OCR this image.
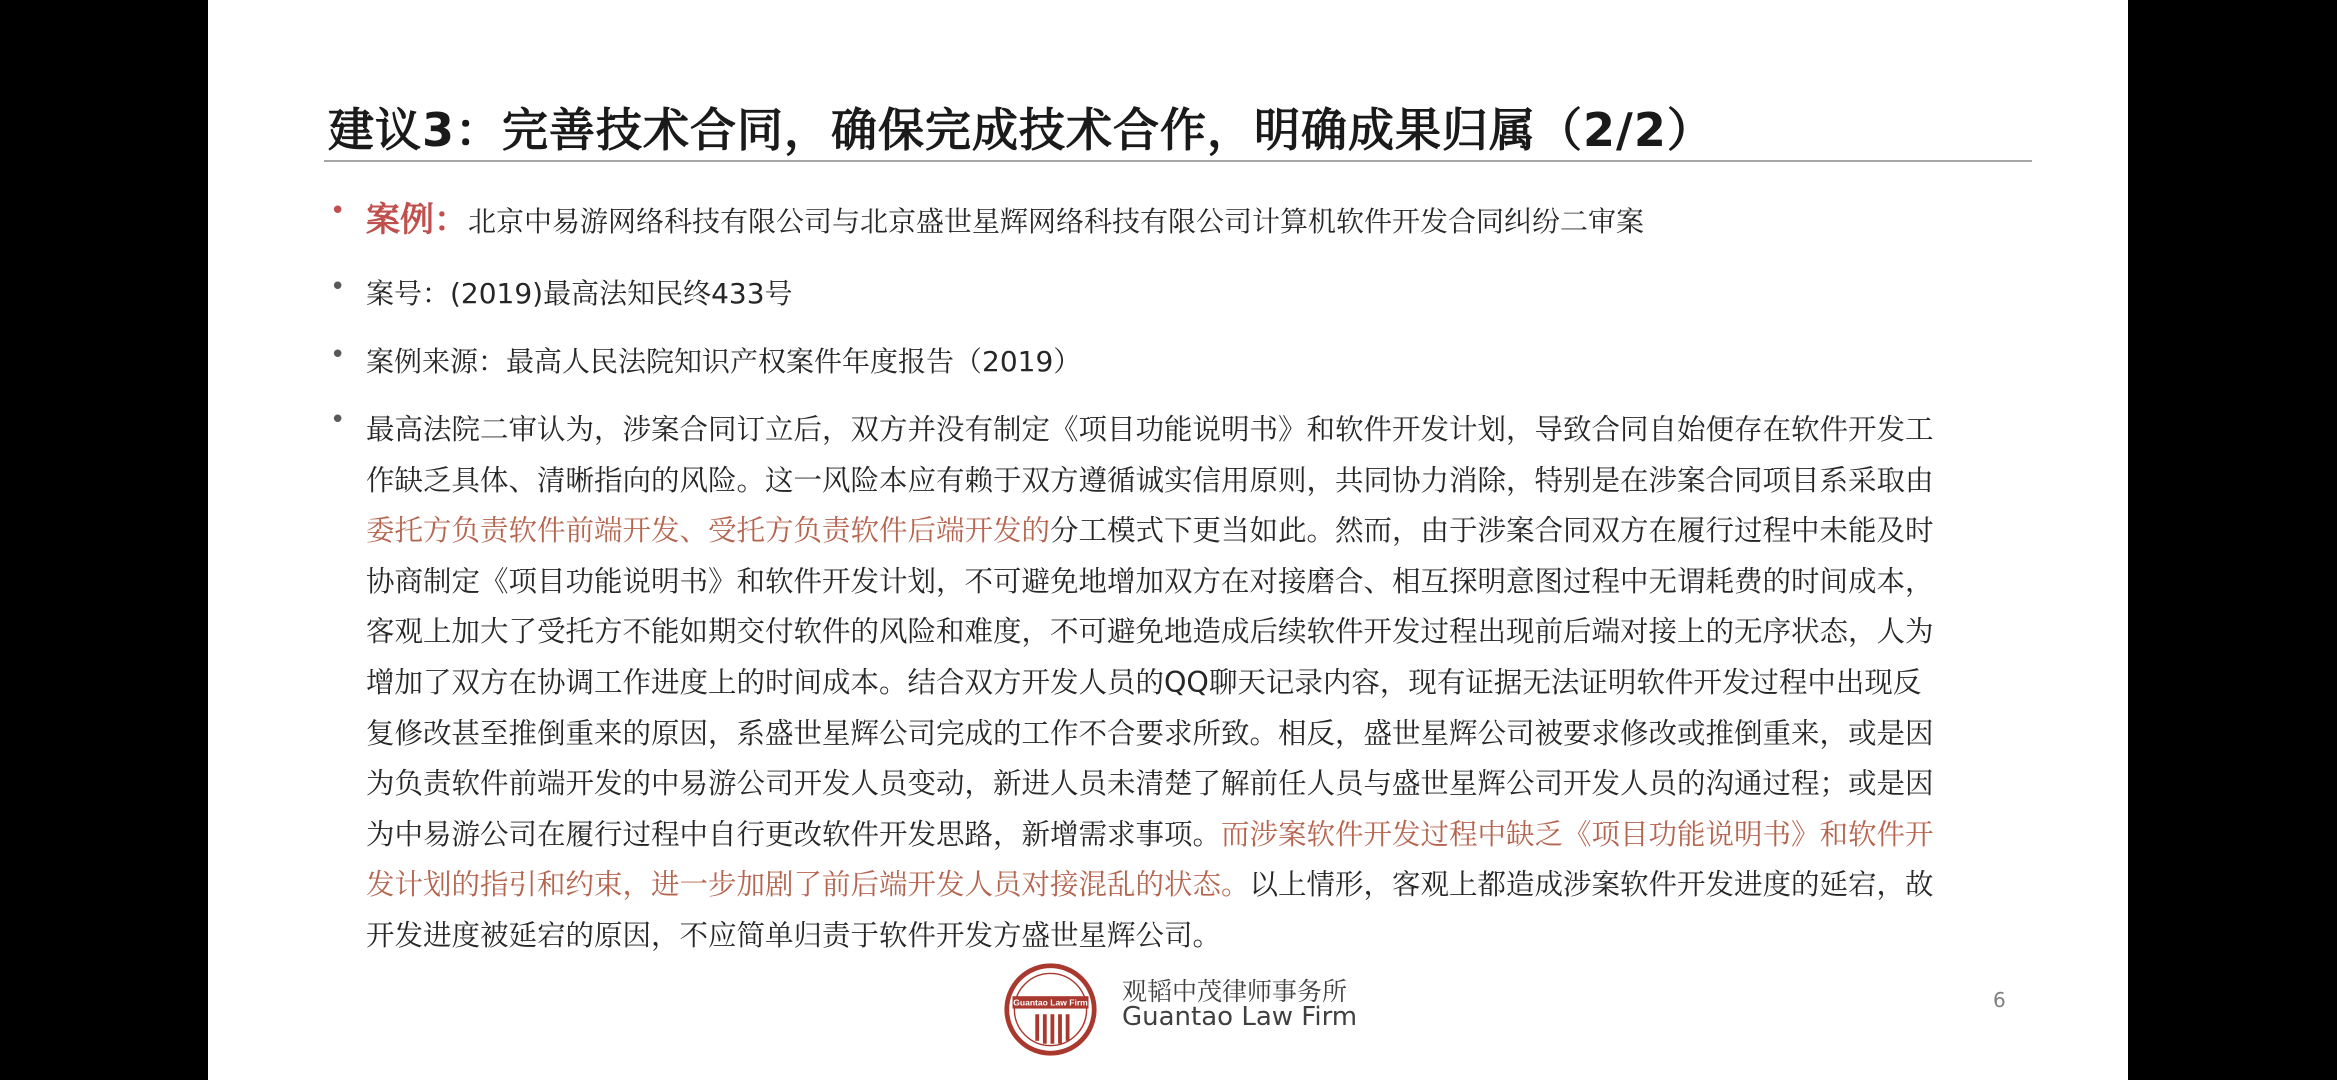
建议3：完善技术合同，确保完成技术合作，明确成果归属（2/2）
• 案例：北京中易游网络科技有限公司与北京盛世星辉网络科技有限公司计算机软件开发合同纠纷二审案
• 案号：(2019)最高法知民终433号
• 案例来源：最高人民法院知识产权案件年度报告（2019）
• 最高法院二审认为，涉案合同订立后，双方并没有制定《项目功能说明书》和软件开发计划，导致合同自始便存在软件开发工作缺乏具体、清晰指向的风险。这一风险本应有赖于双方遵循诚实信用原则，共同协力消除，特别是在涉案合同项目系采取由委托方负责软件前端开发、受托方负责软件后端开发的分工模式下更当如此。然而，由于涉案合同双方在履行过程中未能及时协商制定《项目功能说明书》和软件开发计划，不可避免地增加双方在对接磨合、相互探明意图过程中无谓耗费的时间成本，客观上加大了受托方不能如期交付软件的风险和难度，不可避免地造成后续软件开发过程出现前后端对接上的无序状态，人为增加了双方在协调工作进度上的时间成本。结合双方开发人员的QQ聊天记录内容，现有证据无法证明软件开发过程中出现反复修改甚至推倒重来的原因，系盛世星辉公司完成的工作不合要求所致。相反，盛世星辉公司被要求修改或推倒重来，或是因为负责软件前端开发的中易游公司开发人员变动，新进人员未清楚了解前任人员与盛世星辉公司开发人员的沟通过程；或是因为中易游公司在履行过程中自行更改软件开发思路，新增需求事项。而涉案软件开发过程中缺乏《项目功能说明书》和软件开发计划的指引和约束，进一步加剧了前后端开发人员对接混乱的状态。以上情形，客观上都造成涉案软件开发进度的延宕，故开发进度被延宕的原因，不应简单归责于软件开发方盛世星辉公司。
Guantao Law Firm 观韬中茂律师事务所
Guantao Law Firm
6
